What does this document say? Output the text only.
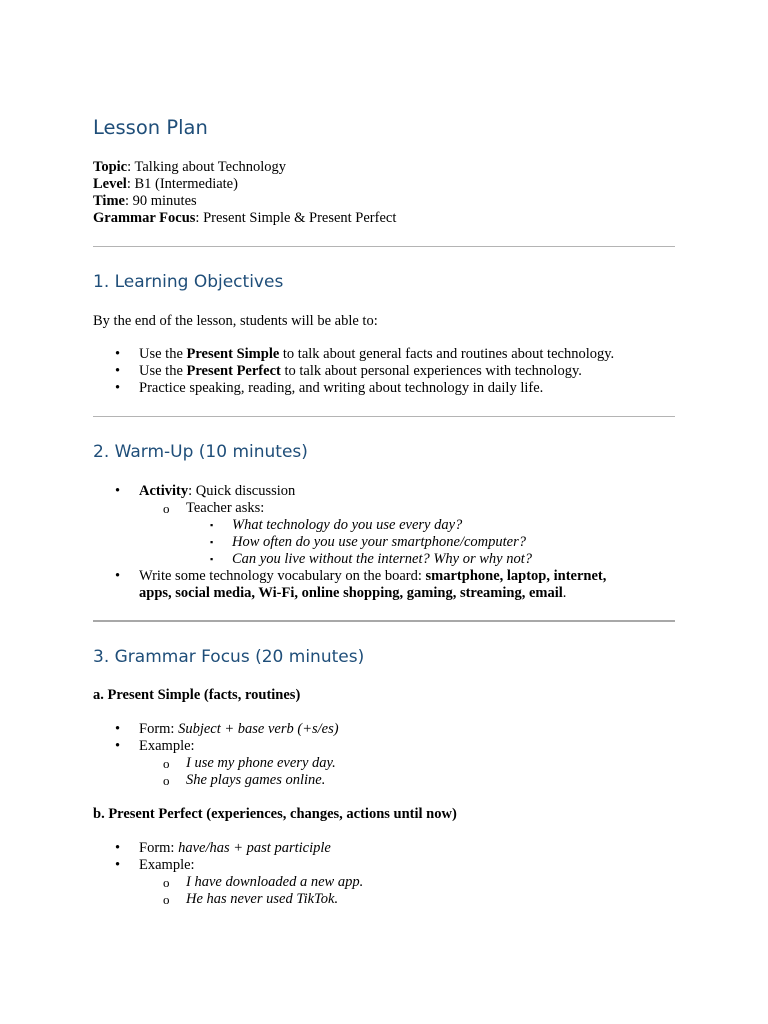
Lesson Plan
Topic: Talking about Technology
Level: B1 (Intermediate)
Time: 90 minutes
Grammar Focus: Present Simple & Present Perfect
1. Learning Objectives
By the end of the lesson, students will be able to:
• Use the Present Simple to talk about general facts and routines about technology.
• Use the Present Perfect to talk about personal experiences with technology.
• Practice speaking, reading, and writing about technology in daily life.
2. Warm-Up (10 minutes)
• Activity: Quick discussion
o Teacher asks:
▪ What technology do you use every day?
▪ How often do you use your smartphone/computer?
▪ Can you live without the internet? Why or why not?
• Write some technology vocabulary on the board: smartphone, laptop, internet,
apps, social media, Wi-Fi, online shopping, gaming, streaming, email.
3. Grammar Focus (20 minutes)
a. Present Simple (facts, routines)
• Form: Subject + base verb (+s/es)
• Example:
o I use my phone every day.
o She plays games online.
b. Present Perfect (experiences, changes, actions until now)
• Form: have/has + past participle
• Example:
o I have downloaded a new app.
o He has never used TikTok.
